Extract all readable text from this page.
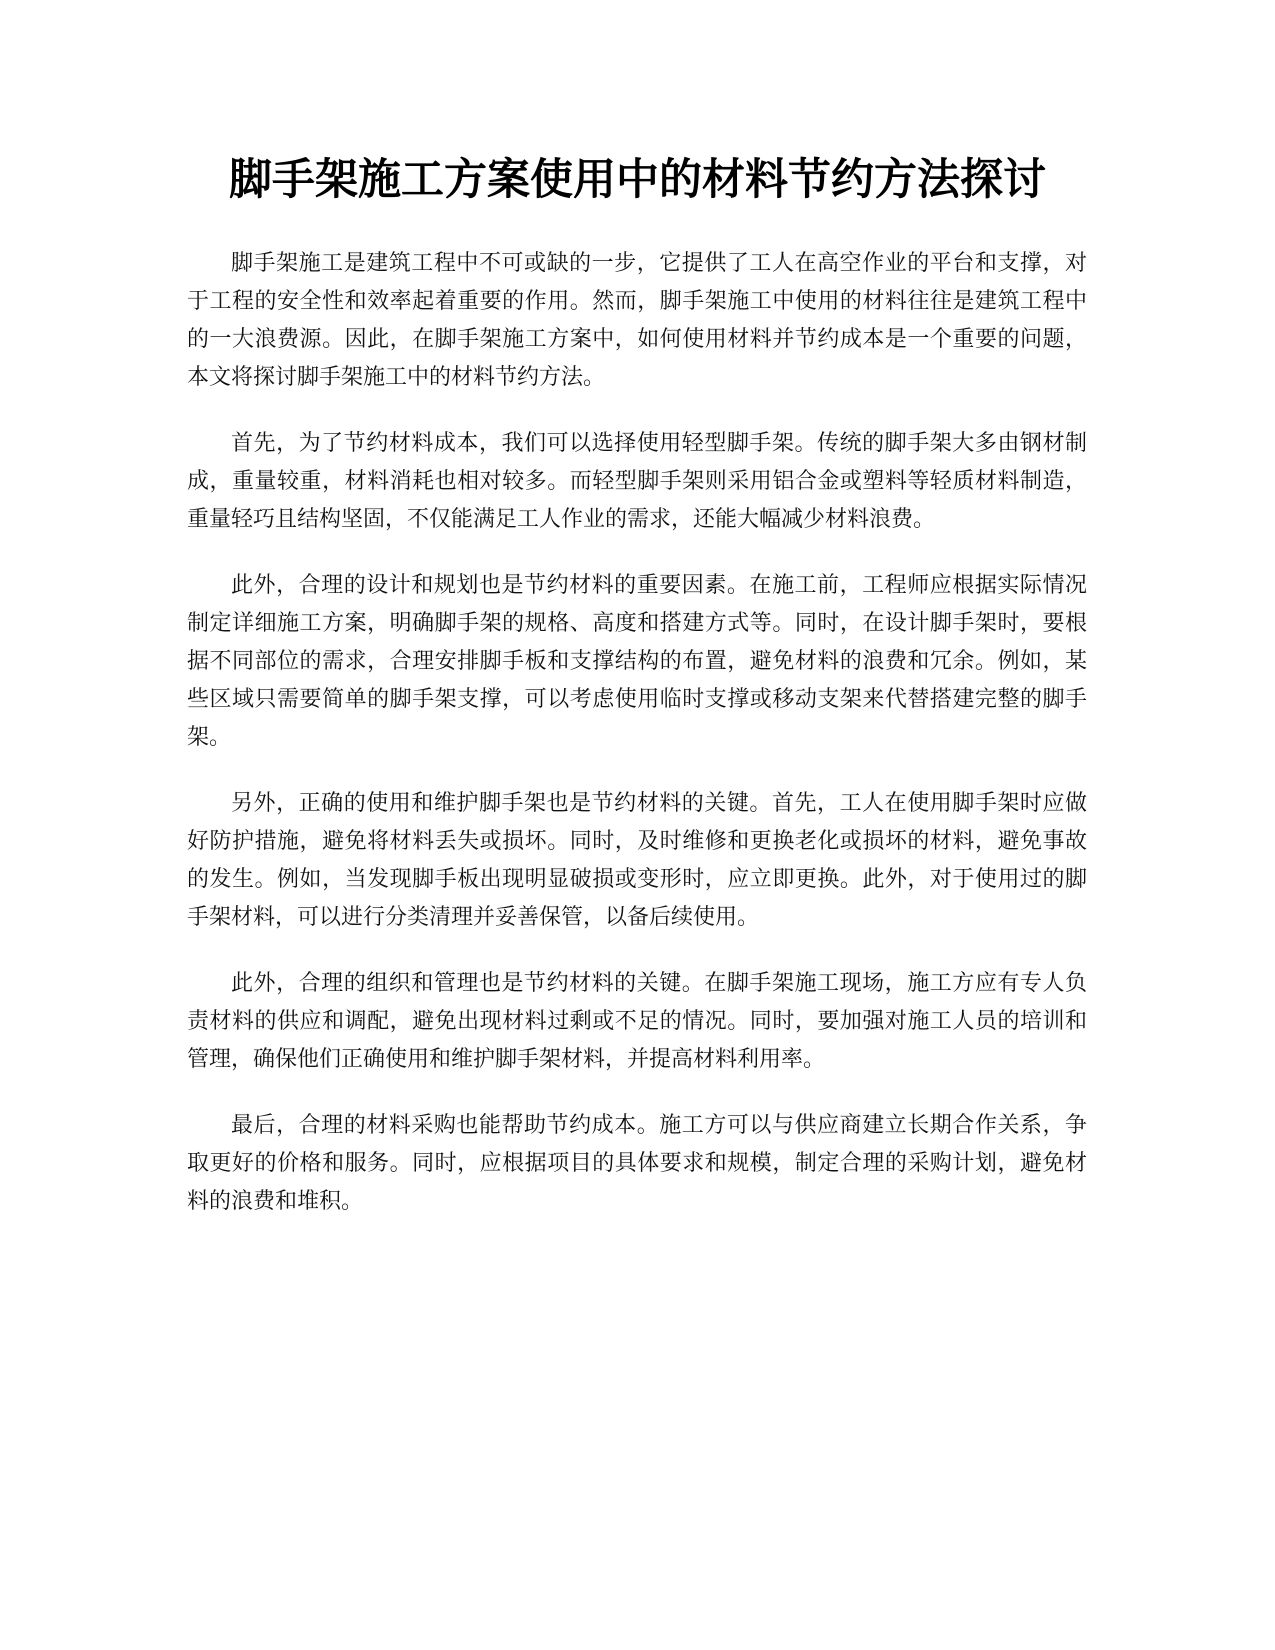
脚手架施工方案使用中的材料节约方法探讨

脚手架施工是建筑工程中不可或缺的一步，它提供了工人在高空作业的平台和支撑，对于工程的安全性和效率起着重要的作用。然而，脚手架施工中使用的材料往往是建筑工程中的一大浪费源。因此，在脚手架施工方案中，如何使用材料并节约成本是一个重要的问题，本文将探讨脚手架施工中的材料节约方法。

首先，为了节约材料成本，我们可以选择使用轻型脚手架。传统的脚手架大多由钢材制成，重量较重，材料消耗也相对较多。而轻型脚手架则采用铝合金或塑料等轻质材料制造，重量轻巧且结构坚固，不仅能满足工人作业的需求，还能大幅减少材料浪费。

此外，合理的设计和规划也是节约材料的重要因素。在施工前，工程师应根据实际情况制定详细施工方案，明确脚手架的规格、高度和搭建方式等。同时，在设计脚手架时，要根据不同部位的需求，合理安排脚手板和支撑结构的布置，避免材料的浪费和冗余。例如，某些区域只需要简单的脚手架支撑，可以考虑使用临时支撑或移动支架来代替搭建完整的脚手架。

另外，正确的使用和维护脚手架也是节约材料的关键。首先，工人在使用脚手架时应做好防护措施，避免将材料丢失或损坏。同时，及时维修和更换老化或损坏的材料，避免事故的发生。例如，当发现脚手板出现明显破损或变形时，应立即更换。此外，对于使用过的脚手架材料，可以进行分类清理并妥善保管，以备后续使用。

此外，合理的组织和管理也是节约材料的关键。在脚手架施工现场，施工方应有专人负责材料的供应和调配，避免出现材料过剩或不足的情况。同时，要加强对施工人员的培训和管理，确保他们正确使用和维护脚手架材料，并提高材料利用率。

最后，合理的材料采购也能帮助节约成本。施工方可以与供应商建立长期合作关系，争取更好的价格和服务。同时，应根据项目的具体要求和规模，制定合理的采购计划，避免材料的浪费和堆积。
